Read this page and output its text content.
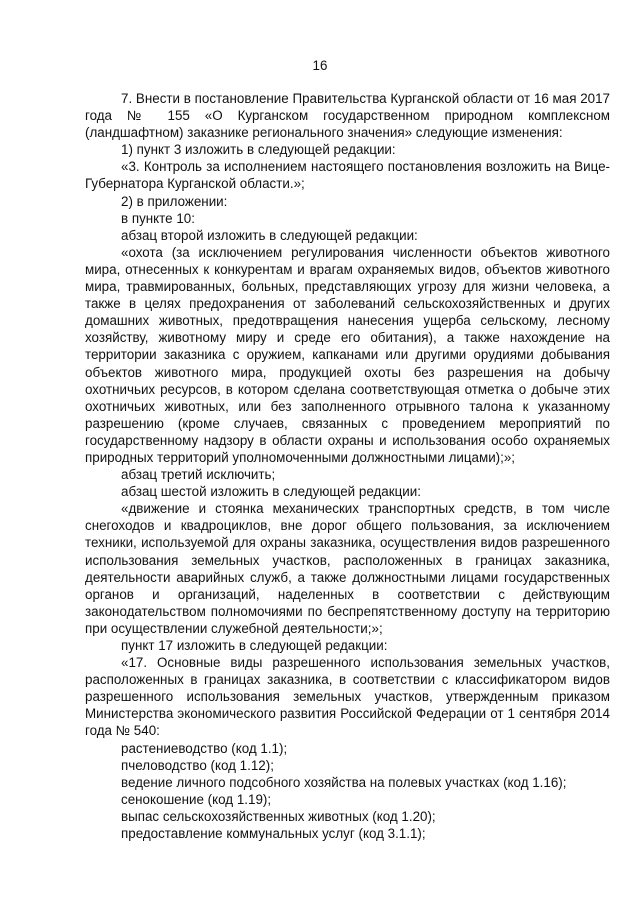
16

7. Внести в постановление Правительства Курганской области от 16 мая 2017 года № 155 «О Курганском государственном природном комплексном (ландшафтном) заказнике регионального значения» следующие изменения:

1) пункт 3 изложить в следующей редакции:

«3. Контроль за исполнением настоящего постановления возложить на Вице-Губернатора Курганской области.»;

2) в приложении:

в пункте 10:

абзац второй изложить в следующей редакции:

«охота (за исключением регулирования численности объектов животного мира, отнесенных к конкурентам и врагам охраняемых видов, объектов животного мира, травмированных, больных, представляющих угрозу для жизни человека, а также в целях предохранения от заболеваний сельскохозяйственных и других домашних животных, предотвращения нанесения ущерба сельскому, лесному хозяйству, животному миру и среде его обитания), а также нахождение на территории заказника с оружием, капканами или другими орудиями добывания объектов животного мира, продукцией охоты без разрешения на добычу охотничьих ресурсов, в котором сделана соответствующая отметка о добыче этих охотничьих животных, или без заполненного отрывного талона к указанному разрешению (кроме случаев, связанных с проведением мероприятий по государственному надзору в области охраны и использования особо охраняемых природных территорий уполномоченными должностными лицами);»;

абзац третий исключить;

абзац шестой изложить в следующей редакции:

«движение и стоянка механических транспортных средств, в том числе снегоходов и квадроциклов, вне дорог общего пользования, за исключением техники, используемой для охраны заказника, осуществления видов разрешенного использования земельных участков, расположенных в границах заказника, деятельности аварийных служб, а также должностными лицами государственных органов и организаций, наделенных в соответствии с действующим законодательством полномочиями по беспрепятственному доступу на территорию при осуществлении служебной деятельности;»;

пункт 17 изложить в следующей редакции:

«17. Основные виды разрешенного использования земельных участков, расположенных в границах заказника, в соответствии с классификатором видов разрешенного использования земельных участков, утвержденным приказом Министерства экономического развития Российской Федерации от 1 сентября 2014 года № 540:

растениеводство (код 1.1);

пчеловодство (код 1.12);

ведение личного подсобного хозяйства на полевых участках (код 1.16);

сенокошение (код 1.19);

выпас сельскохозяйственных животных (код 1.20);

предоставление коммунальных услуг (код 3.1.1);
